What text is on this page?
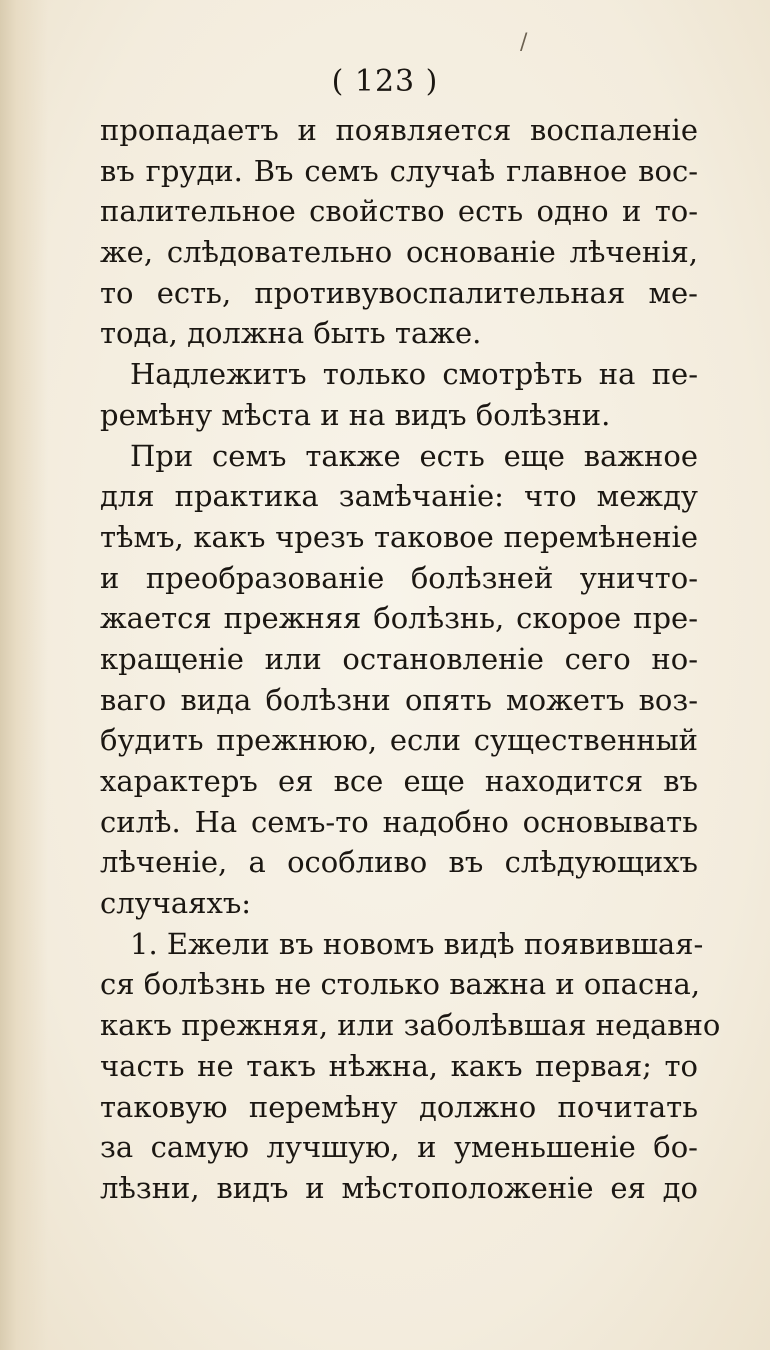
/
( 123 )
пропадаетъ и появляется воспаленіе
въ груди. Въ семъ случаѣ главное вос-
палительное свойство есть одно и то-
же, слѣдовательно основаніе лѣченія,
то есть, противувоспалительная ме-
тода, должна быть таже.
Надлежитъ только смотрѣть на пе-
ремѣну мѣста и на видъ болѣзни.
При семъ также есть еще важное
для практика замѣчаніе: что между
тѣмъ, какъ чрезъ таковое перемѣненіе
и преобразованіе болѣзней уничто-
жается прежняя болѣзнь, скорое пре-
кращеніе или остановленіе сего но-
ваго вида болѣзни опять можетъ воз-
будить прежнюю, если существенный
характеръ ея все еще находится въ
силѣ. На семъ-то надобно основывать
лѣченіе, а особливо въ слѣдующихъ
случаяхъ:
1. Ежели въ новомъ видѣ появившая-
ся болѣзнь не столько важна и опасна,
какъ прежняя, или заболѣвшая недавно
часть не такъ нѣжна, какъ первая; то
таковую перемѣну должно почитать
за самую лучшую, и уменьшеніе бо-
лѣзни, видъ и мѣстоположеніе ея до
